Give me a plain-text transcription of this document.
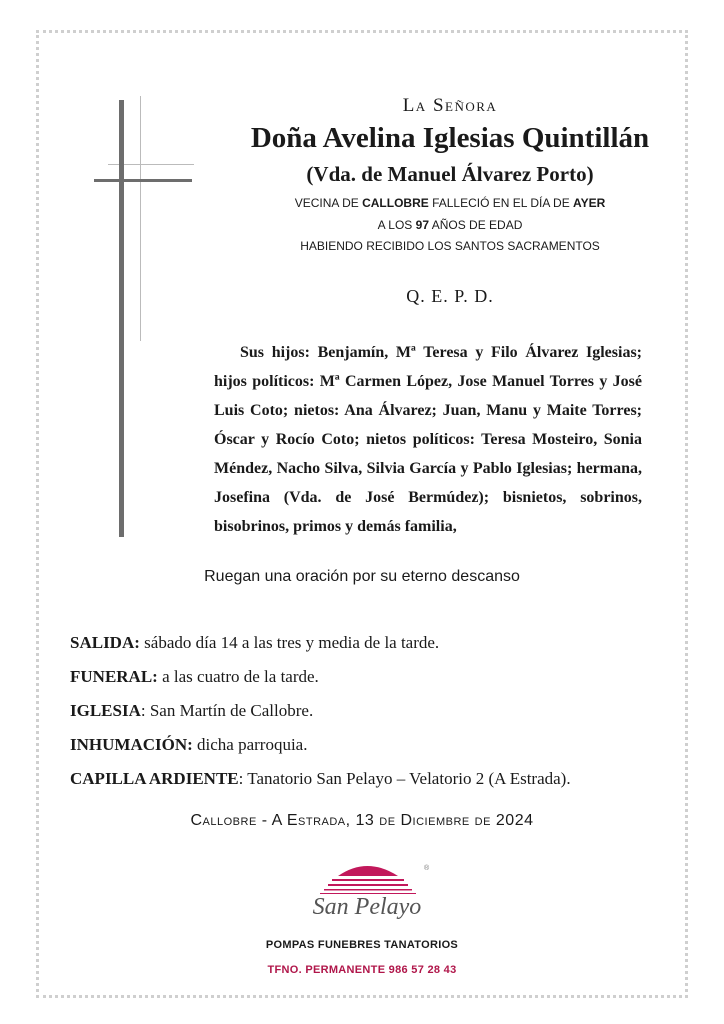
La Señora
Doña Avelina Iglesias Quintillán
(Vda. de Manuel Álvarez Porto)
VECINA DE CALLOBRE FALLECIÓ EN EL DÍA DE AYER
A LOS 97 AÑOS DE EDAD
HABIENDO RECIBIDO LOS SANTOS SACRAMENTOS
Q. E. P. D.
Sus hijos: Benjamín, Mª Teresa y Filo Álvarez Iglesias; hijos políticos: Mª Carmen López, Jose Manuel Torres y José Luis Coto; nietos: Ana Álvarez; Juan, Manu y Maite Torres; Óscar y Rocío Coto; nietos políticos: Teresa Mosteiro, Sonia Méndez, Nacho Silva, Silvia García y Pablo Iglesias; hermana, Josefina (Vda. de José Bermúdez); bisnietos, sobrinos, bisobrinos, primos y demás familia,
Ruegan una oración por su eterno descanso
SALIDA: sábado día 14 a las tres y media de la tarde.
FUNERAL: a las cuatro de la tarde.
IGLESIA: San Martín de Callobre.
INHUMACIÓN: dicha parroquia.
CAPILLA ARDIENTE: Tanatorio San Pelayo – Velatorio 2 (A Estrada).
Callobre - A Estrada, 13 de Diciembre de 2024
®
San Pelayo
POMPAS FUNEBRES TANATORIOS
TFNO. PERMANENTE 986 57 28 43
